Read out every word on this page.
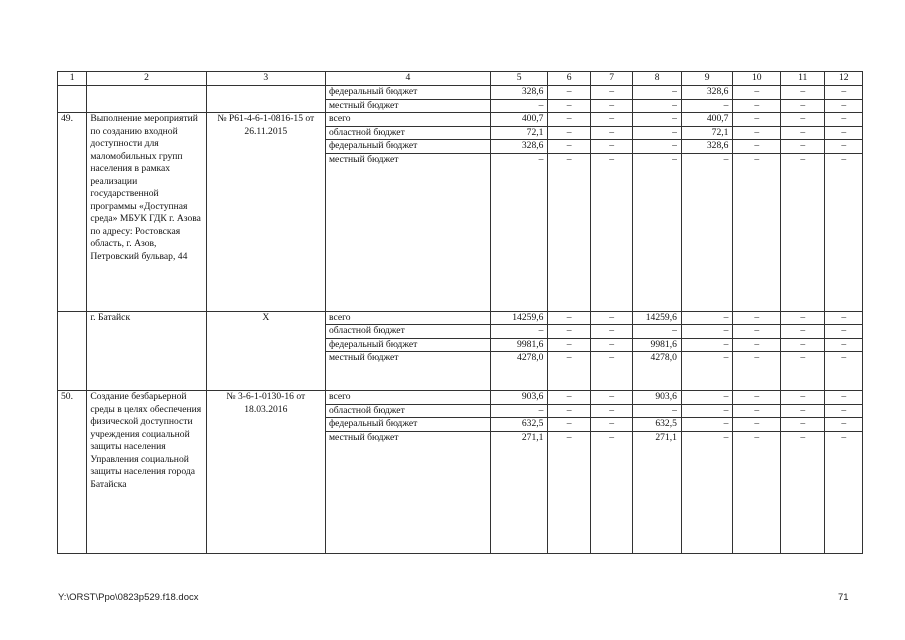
1	2	3	4	5	6	7	8	9	10	11	12
			федеральный бюджет	328,6	–	–	–	328,6	–	–	–
			местный бюджет	–	–	–	–	–	–	–	–
49.	Выполнение мероприятий по созданию входной доступности для маломобильных групп населения в рамках реализации государственной программы «Доступная среда» МБУК ГДК г. Азова по адресу: Ростовская область, г. Азов, Петровский бульвар, 44	№ Р61-4-6-1-0816-15 от 26.11.2015	всего	400,7	–	–	–	400,7	–	–	–
			областной бюджет	72,1	–	–	–	72,1	–	–	–
			федеральный бюджет	328,6	–	–	–	328,6	–	–	–
			местный бюджет	–	–	–	–	–	–	–	–
	г. Батайск	Х	всего	14259,6	–	–	14259,6	–	–	–	–
			областной бюджет	–	–	–	–	–	–	–	–
			федеральный бюджет	9981,6	–	–	9981,6	–	–	–	–
			местный бюджет	4278,0	–	–	4278,0	–	–	–	–
50.	Создание безбарьерной среды в целях обеспечения физической доступности учреждения социальной защиты населения Управления социальной защиты населения города Батайска	№ 3-6-1-0130-16 от 18.03.2016	всего	903,6	–	–	903,6	–	–	–	–
			областной бюджет	–	–	–	–	–	–	–	–
			федеральный бюджет	632,5	–	–	632,5	–	–	–	–
			местный бюджет	271,1	–	–	271,1	–	–	–	–
Y:\ORST\Ppo\0823p529.f18.docx	71
